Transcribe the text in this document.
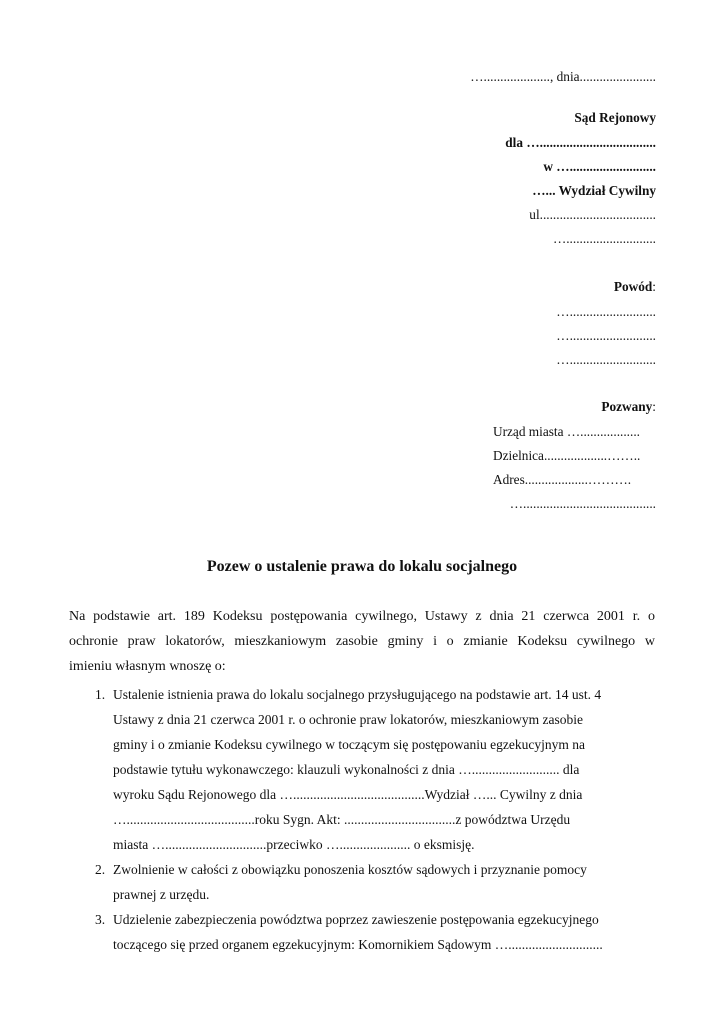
…...................., dnia.......................
Sąd Rejonowy
dla …...................................
w …..........................
…... Wydział Cywilny
ul...................................
…...........................
Powód:
…..........................
…..........................
…..........................
Pozwany:
Urząd miasta …..................
Dzielnica...................……..
Adres...................……….
…........................................
Pozew o ustalenie prawa do lokalu socjalnego
Na podstawie art. 189 Kodeksu postępowania cywilnego, Ustawy z dnia 21 czerwca 2001 r. o
ochronie praw lokatorów, mieszkaniowym zasobie gminy i o zmianie Kodeksu cywilnego w
imieniu własnym wnoszę o:
1. Ustalenie istnienia prawa do lokalu socjalnego przysługującego na podstawie art. 14 ust. 4
Ustawy z dnia 21 czerwca 2001 r. o ochronie praw lokatorów, mieszkaniowym zasobie
gminy i o zmianie Kodeksu cywilnego w toczącym się postępowaniu egzekucyjnym na
podstawie tytułu wykonawczego: klauzuli wykonalności z dnia ….......................... dla
wyroku Sądu Rejonowego dla ….......................................Wydział …... Cywilny z dnia
…......................................roku Sygn. Akt: .................................z powództwa Urzędu
miasta …..............................przeciwko …..................... o eksmisję.
2. Zwolnienie w całości z obowiązku ponoszenia kosztów sądowych i przyznanie pomocy
prawnej z urzędu.
3. Udzielenie zabezpieczenia powództwa poprzez zawieszenie postępowania egzekucyjnego
toczącego się przed organem egzekucyjnym: Komornikiem Sądowym …............................
